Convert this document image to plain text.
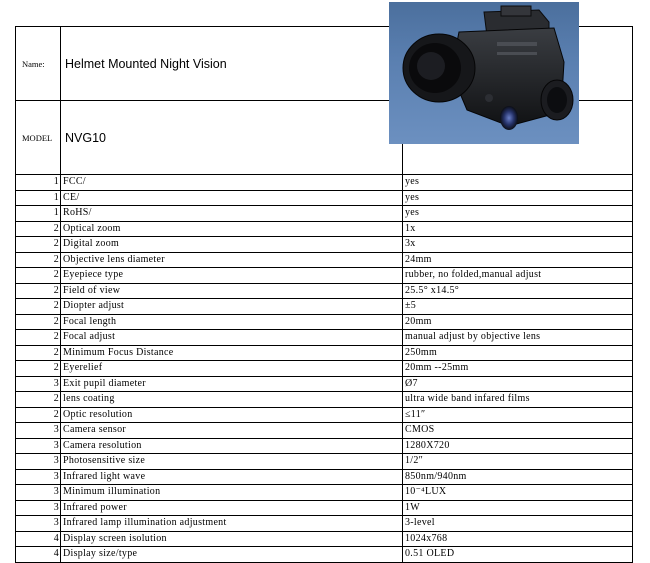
Name:	Helmet Mounted Night Vision
MODEL	NVG10
1 FCC/	yes
1 CE/	yes
1 RoHS/	yes
2 Optical zoom	1x
2 Digital zoom	3x
2 Objective lens diameter	24mm
2 Eyepiece type	rubber, no folded,manual adjust
2 Field of view	25.5° x14.5°
2 Diopter adjust	±5
2 Focal length	20mm
2 Focal adjust	manual adjust by objective lens
2 Minimum Focus Distance	250mm
2 Eyerelief	20mm --25mm
3 Exit pupil diameter	Ø7
2 lens coating	ultra wide band infared films
2 Optic resolution	≤11″
3 Camera sensor	CMOS
3 Camera resolution	1280X720
3 Photosensitive size	1/2″
3 Infrared light wave	850nm/940nm
3 Minimum illumination	10⁻⁴LUX
3 Infrared power	1W
3 Infrared lamp illumination adjustment	3-level
4 Display screen isolution	1024x768
4 Display size/type	0.51 OLED
